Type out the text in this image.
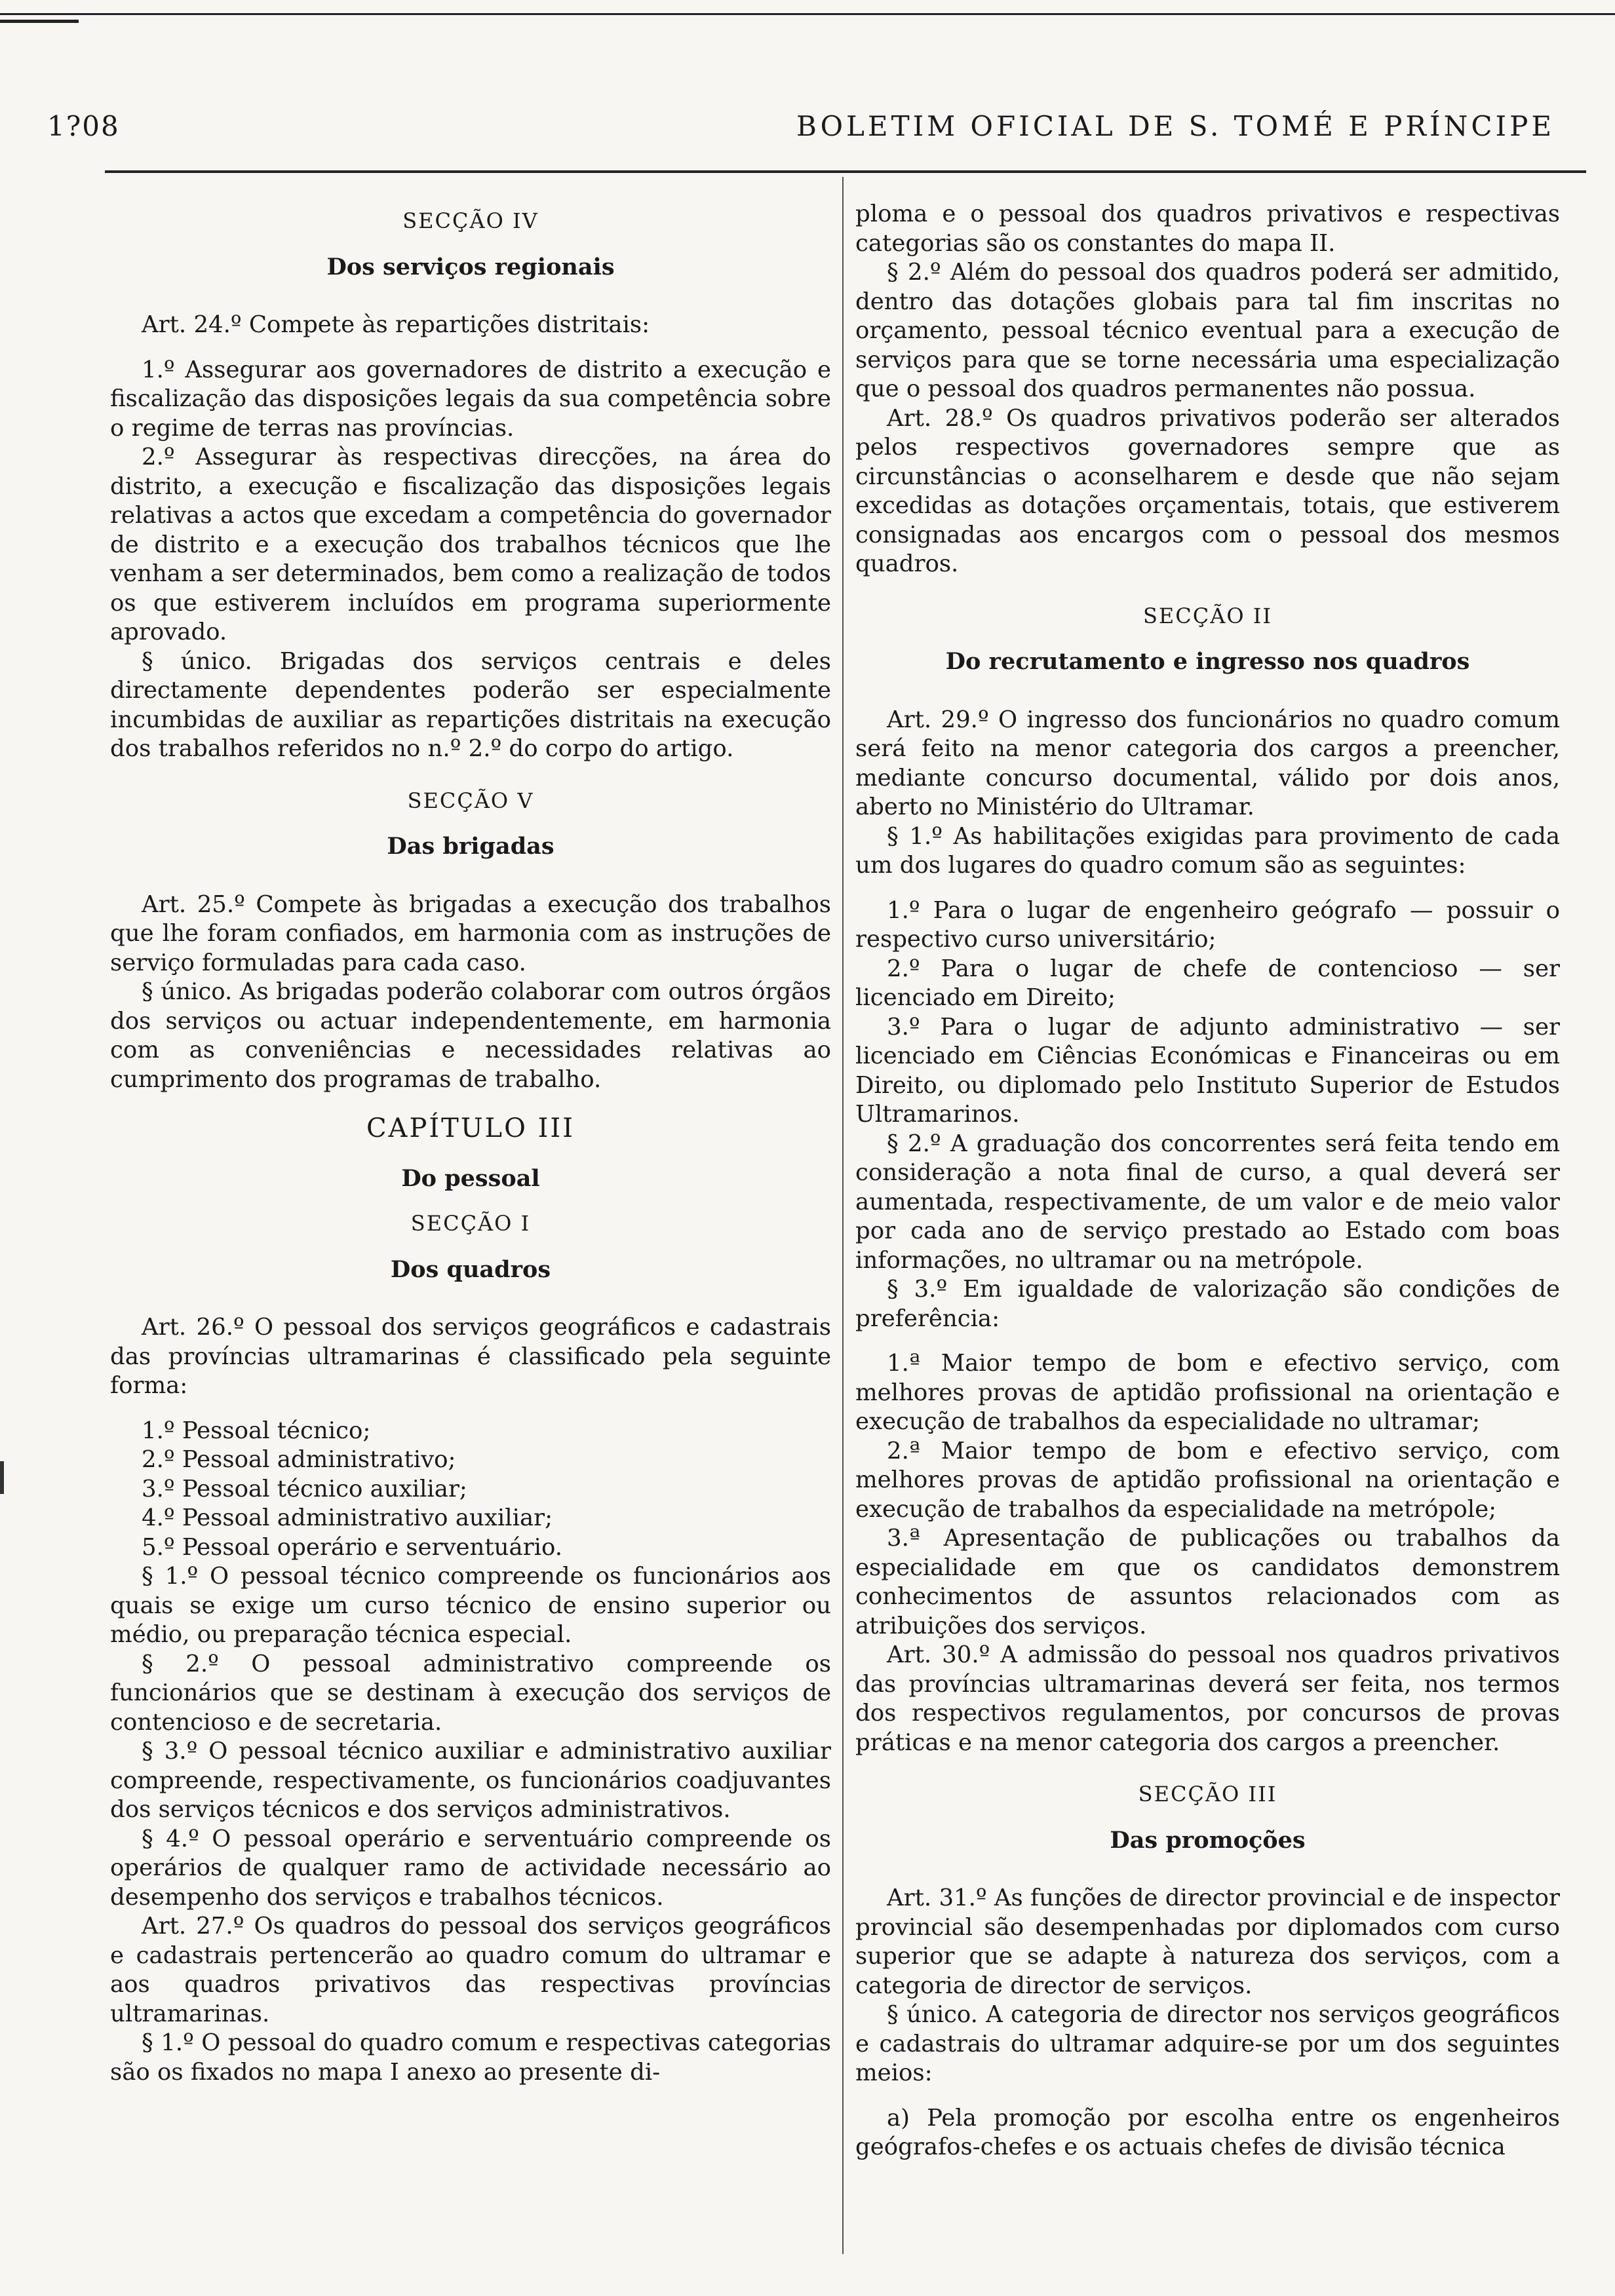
1?08	BOLETIM OFICIAL DE S. TOMÉ E PRÍNCIPE
SECÇÃO IV
Dos serviços regionais

Art. 24.º Compete às repartições distritais:

1.º Assegurar aos governadores de distrito a execução e fiscalização das disposições legais da sua competência sobre o regime de terras nas províncias.

2.º Assegurar às respectivas direcções, na área do distrito, a execução e fiscalização das disposições legais relativas a actos que excedam a competência do governador de distrito e a execução dos trabalhos técnicos que lhe venham a ser determinados, bem como a realização de todos os que estiverem incluídos em programa superiormente aprovado.

§ único. Brigadas dos serviços centrais e deles directamente dependentes poderão ser especialmente incumbidas de auxiliar as repartições distritais na execução dos trabalhos referidos no n.º 2.º do corpo do artigo.

SECÇÃO V
Das brigadas

Art. 25.º Compete às brigadas a execução dos trabalhos que lhe foram confiados, em harmonia com as instruções de serviço formuladas para cada caso.

§ único. As brigadas poderão colaborar com outros órgãos dos serviços ou actuar independentemente, em harmonia com as conveniências e necessidades relativas ao cumprimento dos programas de trabalho.

CAPÍTULO III
Do pessoal
SECÇÃO I
Dos quadros

Art. 26.º O pessoal dos serviços geográficos e cadastrais das províncias ultramarinas é classificado pela seguinte forma:

1.º Pessoal técnico;

2.º Pessoal administrativo;

3.º Pessoal técnico auxiliar;

4.º Pessoal administrativo auxiliar;

5.º Pessoal operário e serventuário.

§ 1.º O pessoal técnico compreende os funcionários aos quais se exige um curso técnico de ensino superior ou médio, ou preparação técnica especial.

§ 2.º O pessoal administrativo compreende os funcionários que se destinam à execução dos serviços de contencioso e de secretaria.

§ 3.º O pessoal técnico auxiliar e administrativo auxiliar compreende, respectivamente, os funcionários coadjuvantes dos serviços técnicos e dos serviços administrativos.

§ 4.º O pessoal operário e serventuário compreende os operários de qualquer ramo de actividade necessário ao desempenho dos serviços e trabalhos técnicos.

Art. 27.º Os quadros do pessoal dos serviços geográficos e cadastrais pertencerão ao quadro comum do ultramar e aos quadros privativos das respectivas províncias ultramarinas.

§ 1.º O pessoal do quadro comum e respectivas categorias são os fixados no mapa I anexo ao presente di-

ploma e o pessoal dos quadros privativos e respectivas categorias são os constantes do mapa II.

§ 2.º Além do pessoal dos quadros poderá ser admitido, dentro das dotações globais para tal fim inscritas no orçamento, pessoal técnico eventual para a execução de serviços para que se torne necessária uma especialização que o pessoal dos quadros permanentes não possua.

Art. 28.º Os quadros privativos poderão ser alterados pelos respectivos governadores sempre que as circunstâncias o aconselharem e desde que não sejam excedidas as dotações orçamentais, totais, que estiverem consignadas aos encargos com o pessoal dos mesmos quadros.

SECÇÃO II
Do recrutamento e ingresso nos quadros

Art. 29.º O ingresso dos funcionários no quadro comum será feito na menor categoria dos cargos a preencher, mediante concurso documental, válido por dois anos, aberto no Ministério do Ultramar.

§ 1.º As habilitações exigidas para provimento de cada um dos lugares do quadro comum são as seguintes:

1.º Para o lugar de engenheiro geógrafo — possuir o respectivo curso universitário;

2.º Para o lugar de chefe de contencioso — ser licenciado em Direito;

3.º Para o lugar de adjunto administrativo — ser licenciado em Ciências Económicas e Financeiras ou em Direito, ou diplomado pelo Instituto Superior de Estudos Ultramarinos.

§ 2.º A graduação dos concorrentes será feita tendo em consideração a nota final de curso, a qual deverá ser aumentada, respectivamente, de um valor e de meio valor por cada ano de serviço prestado ao Estado com boas informações, no ultramar ou na metrópole.

§ 3.º Em igualdade de valorização são condições de preferência:

1.ª Maior tempo de bom e efectivo serviço, com melhores provas de aptidão profissional na orientação e execução de trabalhos da especialidade no ultramar;

2.ª Maior tempo de bom e efectivo serviço, com melhores provas de aptidão profissional na orientação e execução de trabalhos da especialidade na metrópole;

3.ª Apresentação de publicações ou trabalhos da especialidade em que os candidatos demonstrem conhecimentos de assuntos relacionados com as atribuições dos serviços.

Art. 30.º A admissão do pessoal nos quadros privativos das províncias ultramarinas deverá ser feita, nos termos dos respectivos regulamentos, por concursos de provas práticas e na menor categoria dos cargos a preencher.

SECÇÃO III
Das promoções

Art. 31.º As funções de director provincial e de inspector provincial são desempenhadas por diplomados com curso superior que se adapte à natureza dos serviços, com a categoria de director de serviços.

§ único. A categoria de director nos serviços geográficos e cadastrais do ultramar adquire-se por um dos seguintes meios:

a) Pela promoção por escolha entre os engenheiros geógrafos-chefes e os actuais chefes de divisão técnica
